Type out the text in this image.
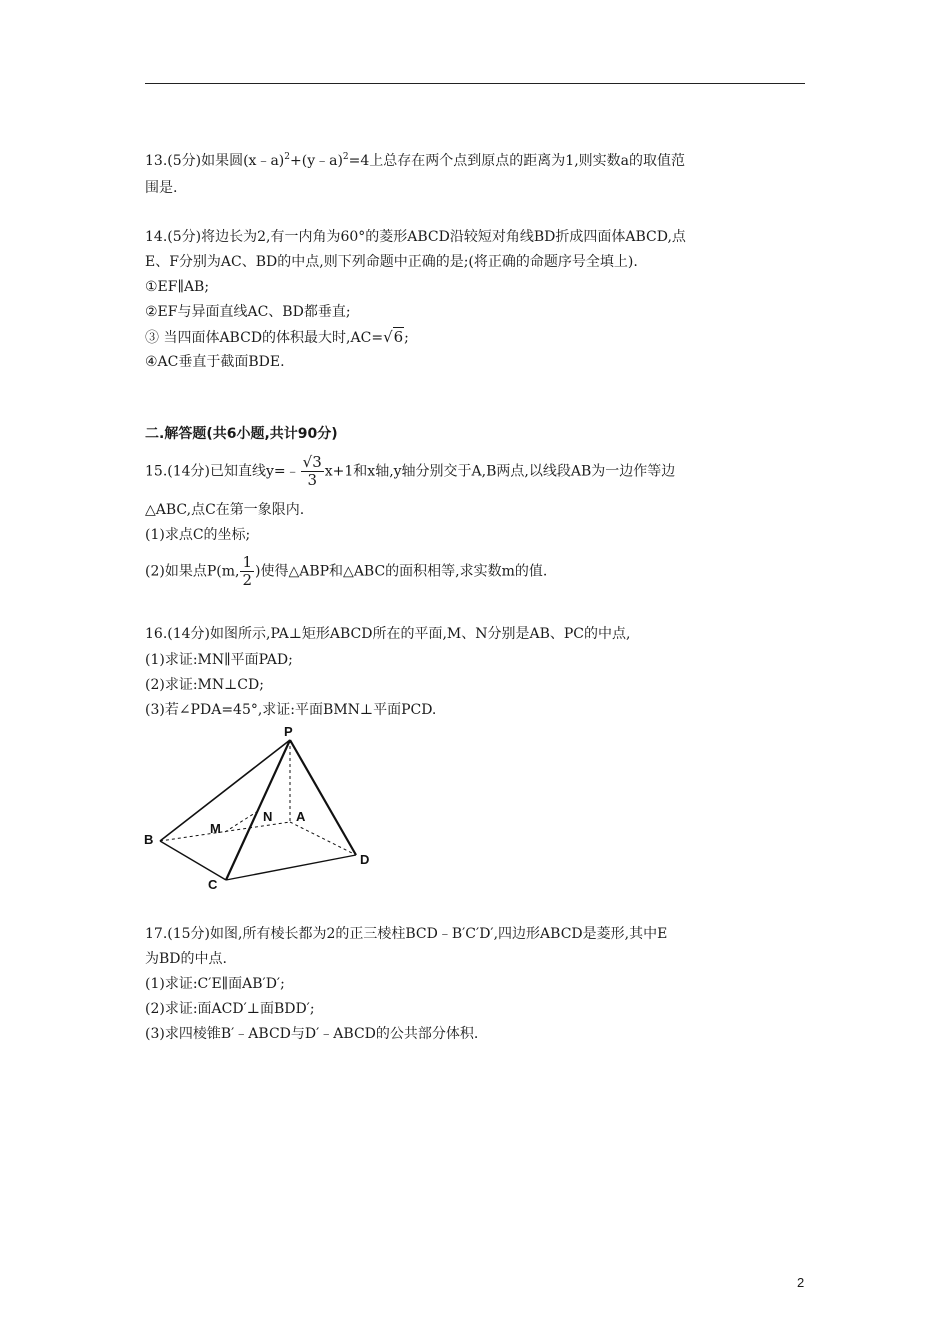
13.(5分)如果圆(x﹣a)$^2$+(y﹣a)$^2$=4上总存在两个点到原点的距离为1,则实数a的取值范
围是.
14.(5分)将边长为2,有一内角为60°的菱形ABCD沿较短对角线BD折成四面体ABCD,点
E、F分别为AC、BD的中点,则下列命题中正确的是;(将正确的命题序号全填上).
①EF∥AB;
②EF与异面直线AC、BD都垂直;
③ 当四面体ABCD的体积最大时,AC=√6;
④AC垂直于截面BDE.
二.解答题(共6小题,共计90分)
15.(14分)已知直线y=﹣ $\frac{√3}{3} x+1$和x轴,y轴分别交于A,B两点,以线段AB为一边作等边
△ABC,点C在第一象限内.
(1)求点C的坐标;
(2)如果点P(m, $\frac{1}{2}$ )使得△ABP和△ABC的面积相等,求实数m的值.
16.(14分)如图所示,PA⊥矩形ABCD所在的平面,M、N分别是AB、PC的中点,
(1)求证:MN∥平面PAD;
(2)求证:MN⊥CD;
(3)若∠PDA=45°,求证:平面BMN⊥平面PCD.
P
N A
M
B
D
C
17.(15分)如图,所有棱长都为2的正三棱柱BCD﹣B′C′D′,四边形ABCD是菱形,其中E
为BD的中点.
(1)求证:C′E∥面AB′D′;
(2)求证:面ACD′⊥面BDD′;
(3)求四棱锥B′﹣ABCD与D′﹣ABCD的公共部分体积.
2
